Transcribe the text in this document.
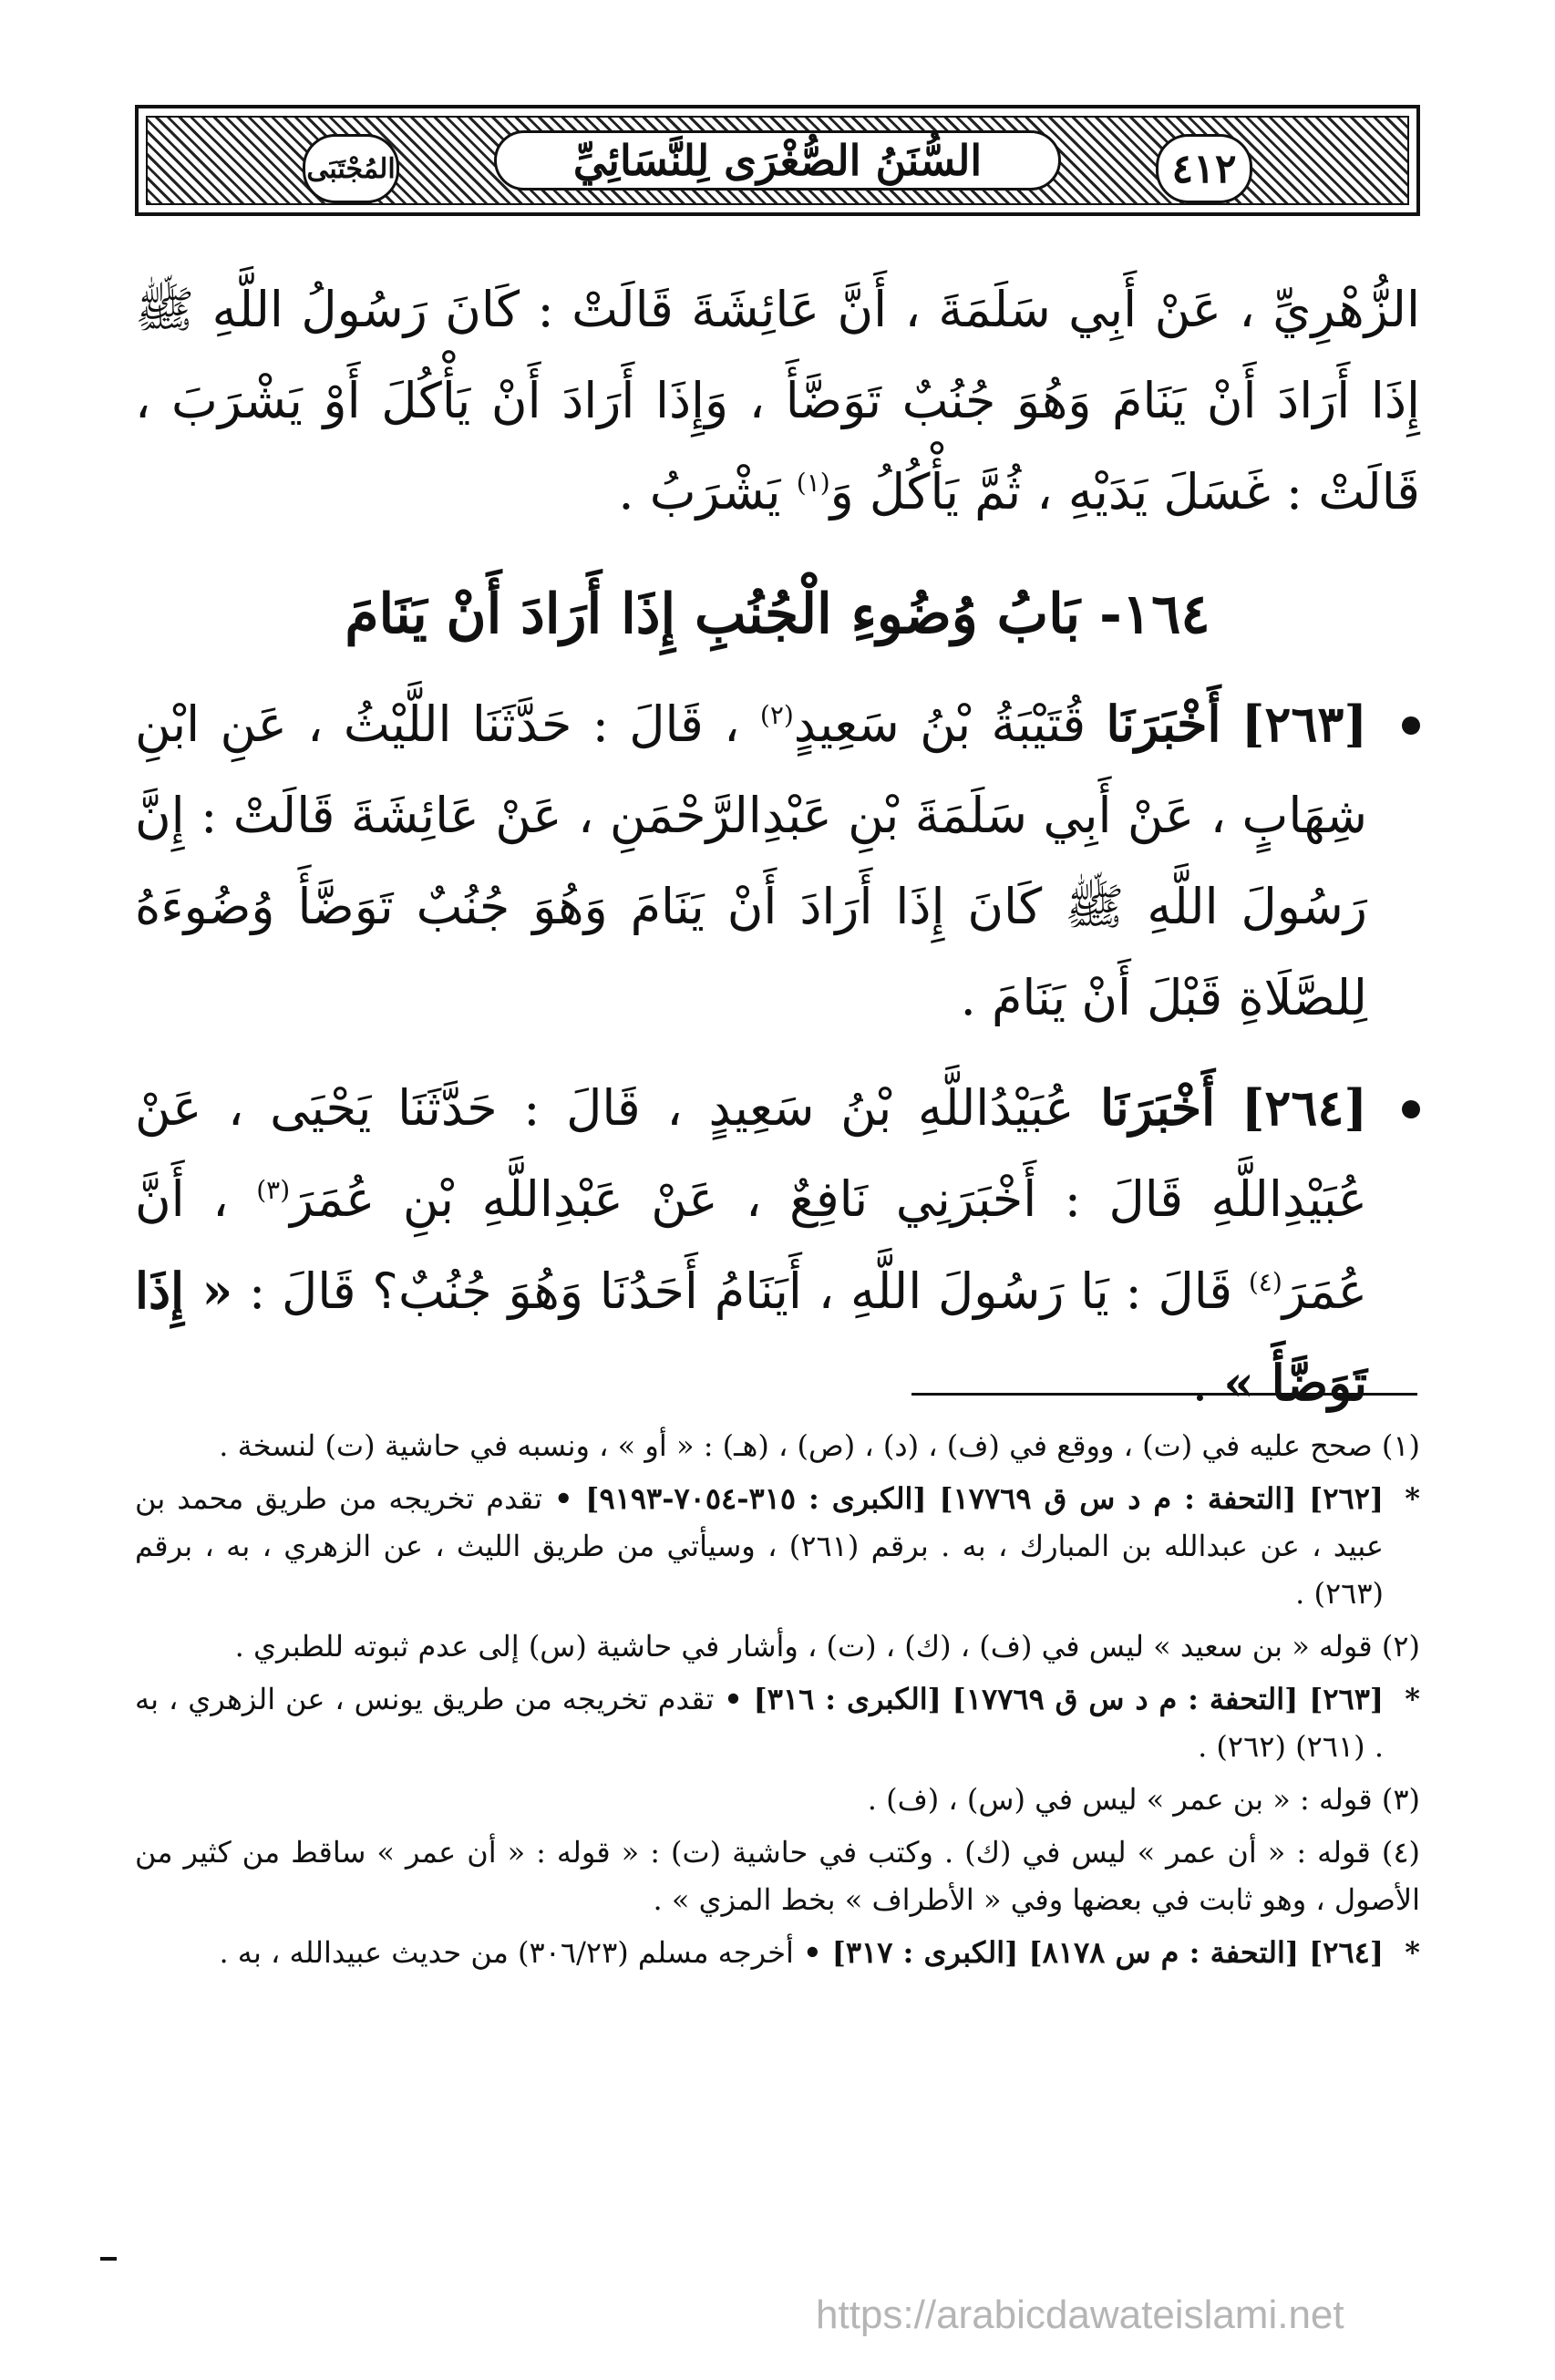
٤١٢
السُّنَنُ الصُّغْرَى لِلنَّسَائِيِّ
المُجْتَبَى

الزُّهْرِيِّ ، عَنْ أَبِي سَلَمَةَ ، أَنَّ عَائِشَةَ قَالَتْ : كَانَ رَسُولُ اللَّهِ ﷺ إِذَا أَرَادَ أَنْ يَنَامَ وَهُوَ جُنُبٌ تَوَضَّأَ ، وَإِذَا أَرَادَ أَنْ يَأْكُلَ أَوْ يَشْرَبَ ، قَالَتْ : غَسَلَ يَدَيْهِ ، ثُمَّ يَأْكُلُ وَ$^{(١)}$ يَشْرَبُ .

١٦٤- بَابُ وُضُوءِ الْجُنُبِ إِذَا أَرَادَ أَنْ يَنَامَ

[٢٦٣] أَخْبَرَنَا قُتَيْبَةُ بْنُ سَعِيدٍ$^{(٢)}$ ، قَالَ : حَدَّثَنَا اللَّيْثُ ، عَنِ ابْنِ شِهَابٍ ، عَنْ أَبِي سَلَمَةَ بْنِ عَبْدِالرَّحْمَنِ ، عَنْ عَائِشَةَ قَالَتْ : إِنَّ رَسُولَ اللَّهِ ﷺ كَانَ إِذَا أَرَادَ أَنْ يَنَامَ وَهُوَ جُنُبٌ تَوَضَّأَ وُضُوءَهُ لِلصَّلَاةِ قَبْلَ أَنْ يَنَامَ .

[٢٦٤] أَخْبَرَنَا عُبَيْدُاللَّهِ بْنُ سَعِيدٍ ، قَالَ : حَدَّثَنَا يَحْيَى ، عَنْ عُبَيْدِاللَّهِ قَالَ : أَخْبَرَنِي نَافِعٌ ، عَنْ عَبْدِاللَّهِ بْنِ عُمَرَ$^{(٣)}$ ، أَنَّ عُمَرَ$^{(٤)}$ قَالَ : يَا رَسُولَ اللَّهِ ، أَيَنَامُ أَحَدُنَا وَهُوَ جُنُبٌ؟ قَالَ : « إِذَا تَوَضَّأَ » .

(١) صحح عليه في (ت) ، ووقع في (ف) ، (د) ، (ص) ، (هـ) : « أو » ، ونسبه في حاشية (ت) لنسخة .

*
[٢٦٢] [التحفة : م د س ق ١٧٧٦٩] [الكبرى : ٣١٥-٧٠٥٤-٩١٩٣] • تقدم تخريجه من طريق محمد بن عبيد ، عن عبدالله بن المبارك ، به . برقم (٢٦١) ، وسيأتي من طريق الليث ، عن الزهري ، به ، برقم (٢٦٣) .

(٢) قوله « بن سعيد » ليس في (ف) ، (ك) ، (ت) ، وأشار في حاشية (س) إلى عدم ثبوته للطبري .

*
[٢٦٣] [التحفة : م د س ق ١٧٧٦٩] [الكبرى : ٣١٦] • تقدم تخريجه من طريق يونس ، عن الزهري ، به . (٢٦١) (٢٦٢) .

(٣) قوله : « بن عمر » ليس في (س) ، (ف) .

(٤) قوله : « أن عمر » ليس في (ك) . وكتب في حاشية (ت) : « قوله : « أن عمر » ساقط من كثير من الأصول ، وهو ثابت في بعضها وفي « الأطراف » بخط المزي » .

*
[٢٦٤] [التحفة : م س ٨١٧٨] [الكبرى : ٣١٧] • أخرجه مسلم (٣٠٦/٢٣) من حديث عبيدالله ، به .

https://arabicdawateislami.net
